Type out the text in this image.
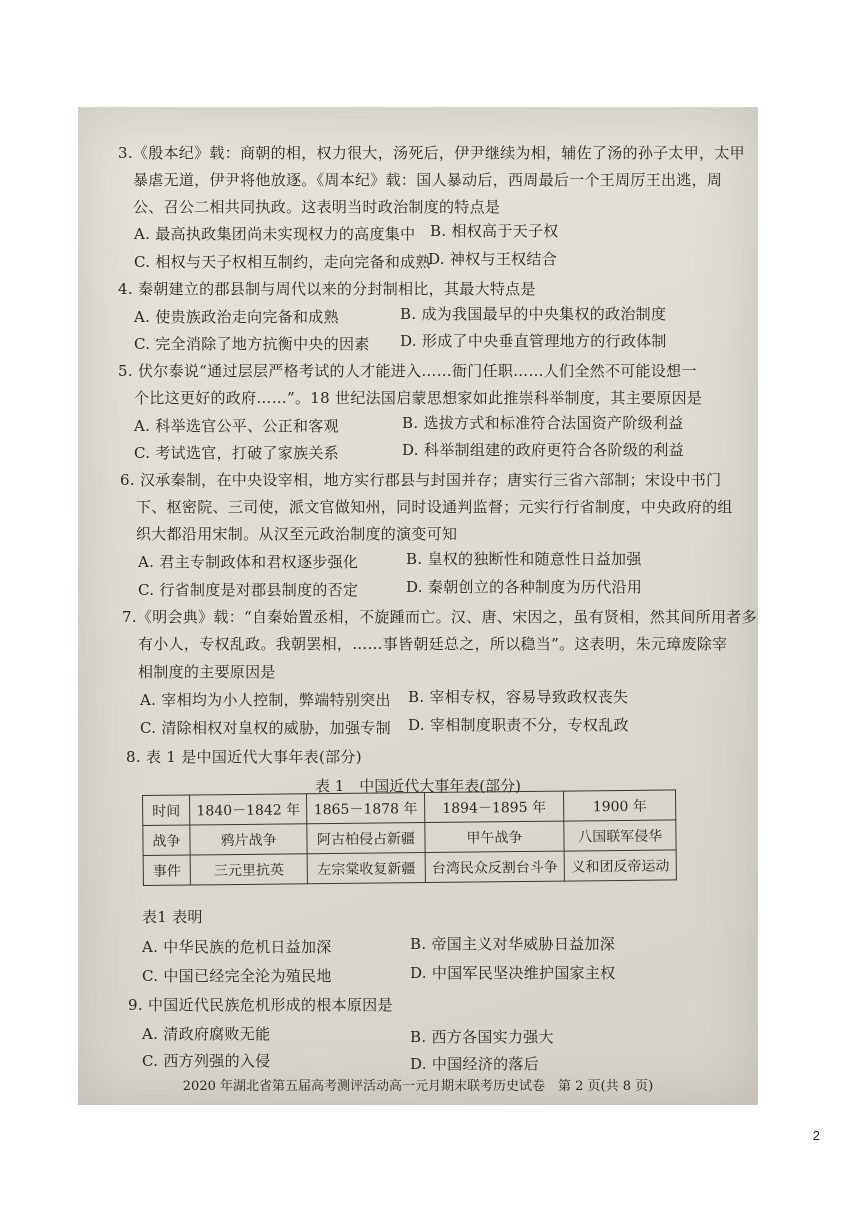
3.《殷本纪》载：商朝的相，权力很大，汤死后，伊尹继续为相，辅佐了汤的孙子太甲，太甲
暴虐无道，伊尹将他放逐。《周本纪》载：国人暴动后，西周最后一个王周厉王出逃，周
公、召公二相共同执政。这表明当时政治制度的特点是
A. 最高执政集团尚未实现权力的高度集中 B. 相权高于天子权
C. 相权与天子权相互制约，走向完备和成熟
D. 神权与王权结合
4. 秦朝建立的郡县制与周代以来的分封制相比，其最大特点是
A. 使贵族政治走向完备和成熟	B. 成为我国最早的中央集权的政治制度
C. 完全消除了地方抗衡中央的因素 D. 形成了中央垂直管理地方的行政体制
5. 伏尔泰说“通过层层严格考试的人才能进入……衙门任职……人们全然不可能设想一
个比这更好的政府……”。18 世纪法国启蒙思想家如此推崇科举制度，其主要原因是
A. 科举选官公平、公正和客观	B. 选拔方式和标准符合法国资产阶级利益
C. 考试选官，打破了家族关系	D. 科举制组建的政府更符合各阶级的利益
6. 汉承秦制，在中央设宰相，地方实行郡县与封国并存；唐实行三省六部制；宋设中书门
下、枢密院、三司使，派文官做知州，同时设通判监督；元实行行省制度，中央政府的组
织大都沿用宋制。从汉至元政治制度的演变可知
A. 君主专制政体和君权逐步强化	B. 皇权的独断性和随意性日益加强
C. 行省制度是对郡县制度的否定	D. 秦朝创立的各种制度为历代沿用
7.《明会典》载：“自秦始置丞相，不旋踵而亡。汉、唐、宋因之，虽有贤相，然其间所用者多
有小人，专权乱政。我朝罢相，……事皆朝廷总之，所以稳当”。这表明，朱元璋废除宰
相制度的主要原因是
A. 宰相均为小人控制，弊端特别突出 B. 宰相专权，容易导致政权丧失
C. 清除相权对皇权的威胁，加强专制 D. 宰相制度职责不分，专权乱政
8. 表 1 是中国近代大事年表(部分)
表 1　中国近代大事年表(部分)
时间	1840－1842 年	1865－1878 年	1894－1895 年	1900 年
战争	鸦片战争	阿古柏侵占新疆	甲午战争	八国联军侵华
事件	三元里抗英	左宗棠收复新疆	台湾民众反割台斗争	义和团反帝运动
表1 表明
A. 中华民族的危机日益加深	B. 帝国主义对华威胁日益加深
C. 中国已经完全沦为殖民地	D. 中国军民坚决维护国家主权
9. 中国近代民族危机形成的根本原因是
A. 清政府腐败无能	B. 西方各国实力强大
C. 西方列强的入侵	D. 中国经济的落后
2020 年湖北省第五届高考测评活动高一元月期末联考历史试卷　第 2 页(共 8 页)
2
